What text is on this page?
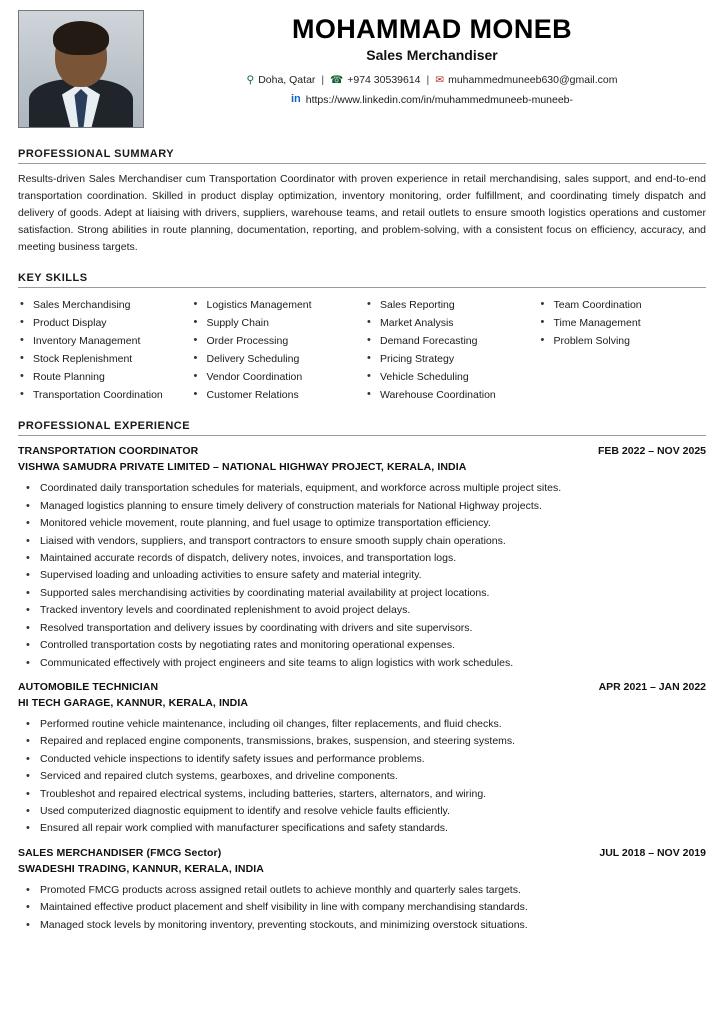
MOHAMMAD MONEB
Sales Merchandiser
⚲ Doha, Qatar | ☎ +974 30539614 | ✉ muhammedmuneeb630@gmail.com
in https://www.linkedin.com/in/muhammedmuneeb-muneeb-
PROFESSIONAL SUMMARY
Results-driven Sales Merchandiser cum Transportation Coordinator with proven experience in retail merchandising, sales support, and end-to-end transportation coordination. Skilled in product display optimization, inventory monitoring, order fulfillment, and coordinating timely dispatch and delivery of goods. Adept at liaising with drivers, suppliers, warehouse teams, and retail outlets to ensure smooth logistics operations and customer satisfaction. Strong abilities in route planning, documentation, reporting, and problem-solving, with a consistent focus on efficiency, accuracy, and meeting business targets.
KEY SKILLS
• Sales Merchandising
• Product Display
• Inventory Management
• Stock Replenishment
• Route Planning
• Transportation Coordination
• Logistics Management
• Supply Chain
• Order Processing
• Delivery Scheduling
• Vendor Coordination
• Customer Relations
• Sales Reporting
• Market Analysis
• Demand Forecasting
• Pricing Strategy
• Vehicle Scheduling
• Warehouse Coordination
• Team Coordination
• Time Management
• Problem Solving
PROFESSIONAL EXPERIENCE
TRANSPORTATION COORDINATOR	FEB 2022 – NOV 2025
VISHWA SAMUDRA PRIVATE LIMITED – NATIONAL HIGHWAY PROJECT, KERALA, INDIA
• Coordinated daily transportation schedules for materials, equipment, and workforce across multiple project sites.
• Managed logistics planning to ensure timely delivery of construction materials for National Highway projects.
• Monitored vehicle movement, route planning, and fuel usage to optimize transportation efficiency.
• Liaised with vendors, suppliers, and transport contractors to ensure smooth supply chain operations.
• Maintained accurate records of dispatch, delivery notes, invoices, and transportation logs.
• Supervised loading and unloading activities to ensure safety and material integrity.
• Supported sales merchandising activities by coordinating material availability at project locations.
• Tracked inventory levels and coordinated replenishment to avoid project delays.
• Resolved transportation and delivery issues by coordinating with drivers and site supervisors.
• Controlled transportation costs by negotiating rates and monitoring operational expenses.
• Communicated effectively with project engineers and site teams to align logistics with work schedules.
AUTOMOBILE TECHNICIAN	APR 2021 – JAN 2022
HI TECH GARAGE, KANNUR, KERALA, INDIA
• Performed routine vehicle maintenance, including oil changes, filter replacements, and fluid checks.
• Repaired and replaced engine components, transmissions, brakes, suspension, and steering systems.
• Conducted vehicle inspections to identify safety issues and performance problems.
• Serviced and repaired clutch systems, gearboxes, and driveline components.
• Troubleshot and repaired electrical systems, including batteries, starters, alternators, and wiring.
• Used computerized diagnostic equipment to identify and resolve vehicle faults efficiently.
• Ensured all repair work complied with manufacturer specifications and safety standards.
SALES MERCHANDISER (FMCG Sector)	JUL 2018 – NOV 2019
SWADESHI TRADING, KANNUR, KERALA, INDIA
• Promoted FMCG products across assigned retail outlets to achieve monthly and quarterly sales targets.
• Maintained effective product placement and shelf visibility in line with company merchandising standards.
• Managed stock levels by monitoring inventory, preventing stockouts, and minimizing overstock situations.
